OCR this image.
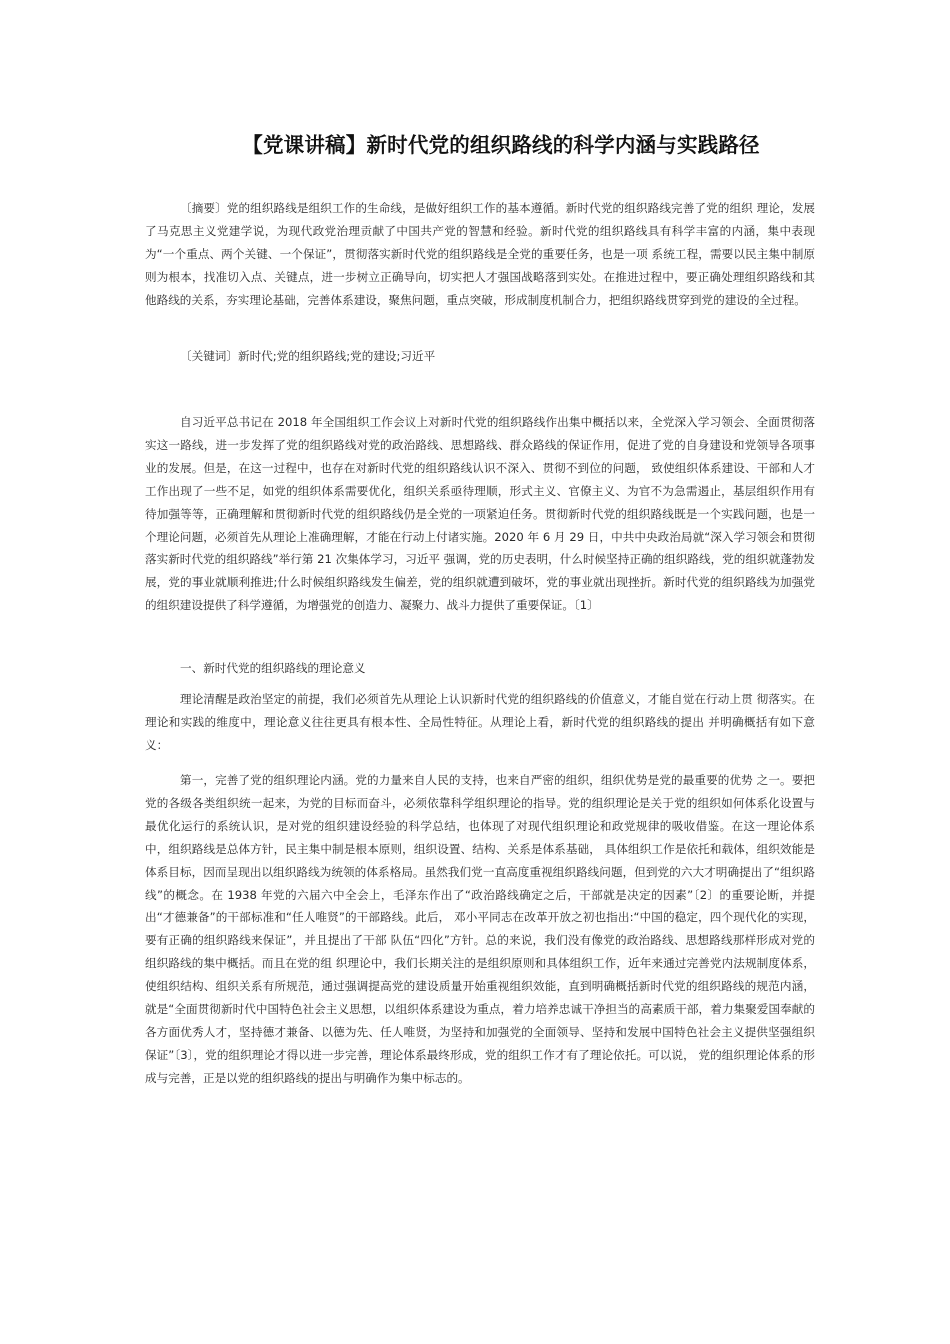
【党课讲稿】新时代党的组织路线的科学内涵与实践路径
〔摘要〕党的组织路线是组织工作的生命线，是做好组织工作的基本遵循。新时代党的组织路线完善了党的组织 理论，发展了马克思主义党建学说，为现代政党治理贡献了中国共产党的智慧和经验。新时代党的组织路线具有科学丰富的内涵，集中表现为“一个重点、两个关键、一个保证”，贯彻落实新时代党的组织路线是全党的重要任务，也是一项 系统工程，需要以民主集中制原则为根本，找准切入点、关键点，进一步树立正确导向，切实把人才强国战略落到实处。在推进过程中，要正确处理组织路线和其他路线的关系，夯实理论基础，完善体系建设，聚焦问题，重点突破，形成制度机制合力，把组织路线贯穿到党的建设的全过程。
〔关键词〕新时代;党的组织路线;党的建设;习近平
自习近平总书记在 2018 年全国组织工作会议上对新时代党的组织路线作出集中概括以来，全党深入学习领会、全面贯彻落实这一路线，进一步发挥了党的组织路线对党的政治路线、思想路线、群众路线的保证作用，促进了党的自身建设和党领导各项事业的发展。但是，在这一过程中，也存在对新时代党的组织路线认识不深入、贯彻不到位的问题， 致使组织体系建设、干部和人才工作出现了一些不足，如党的组织体系需要优化，组织关系亟待理顺，形式主义、官僚主义、为官不为急需遏止，基层组织作用有待加强等等，正确理解和贯彻新时代党的组织路线仍是全党的一项紧迫任务。贯彻新时代党的组织路线既是一个实践问题，也是一个理论问题，必须首先从理论上准确理解，才能在行动上付诸实施。2020 年 6 月 29 日，中共中央政治局就“深入学习领会和贯彻落实新时代党的组织路线”举行第 21 次集体学习，习近平 强调，党的历史表明，什么时候坚持正确的组织路线，党的组织就蓬勃发展，党的事业就顺利推进;什么时候组织路线发生偏差，党的组织就遭到破坏，党的事业就出现挫折。新时代党的组织路线为加强党的组织建设提供了科学遵循，为增强党的创造力、凝聚力、战斗力提供了重要保证。〔1〕
一、新时代党的组织路线的理论意义
理论清醒是政治坚定的前提，我们必须首先从理论上认识新时代党的组织路线的价值意义，才能自觉在行动上贯 彻落实。在理论和实践的维度中，理论意义往往更具有根本性、全局性特征。从理论上看，新时代党的组织路线的提出 并明确概括有如下意义：
第一，完善了党的组织理论内涵。党的力量来自人民的支持，也来自严密的组织，组织优势是党的最重要的优势 之一。要把党的各级各类组织统一起来，为党的目标而奋斗，必须依靠科学组织理论的指导。党的组织理论是关于党的组织如何体系化设置与最优化运行的系统认识，是对党的组织建设经验的科学总结，也体现了对现代组织理论和政党规律的吸收借鉴。在这一理论体系中，组织路线是总体方针，民主集中制是根本原则，组织设置、结构、关系是体系基础， 具体组织工作是依托和载体，组织效能是体系目标，因而呈现出以组织路线为统领的体系格局。虽然我们党一直高度重视组织路线问题，但到党的六大才明确提出了“组织路线”的概念。在 1938 年党的六届六中全会上，毛泽东作出了“政治路线确定之后，干部就是决定的因素”〔2〕的重要论断，并提出“才德兼备”的干部标准和“任人唯贤”的干部路线。此后， 邓小平同志在改革开放之初也指出:“中国的稳定，四个现代化的实现，要有正确的组织路线来保证”，并且提出了干部 队伍“四化”方针。总的来说，我们没有像党的政治路线、思想路线那样形成对党的组织路线的集中概括。而且在党的组 织理论中，我们长期关注的是组织原则和具体组织工作，近年来通过完善党内法规制度体系，使组织结构、组织关系有所规范，通过强调提高党的建设质量开始重视组织效能，直到明确概括新时代党的组织路线的规范内涵，就是“全面贯彻新时代中国特色社会主义思想，以组织体系建设为重点，着力培养忠诚干净担当的高素质干部，着力集聚爱国奉献的各方面优秀人才，坚持德才兼备、以德为先、任人唯贤，为坚持和加强党的全面领导、坚持和发展中国特色社会主义提供坚强组织保证”〔3〕，党的组织理论才得以进一步完善，理论体系最终形成，党的组织工作才有了理论依托。可以说， 党的组织理论体系的形成与完善，正是以党的组织路线的提出与明确作为集中标志的。
